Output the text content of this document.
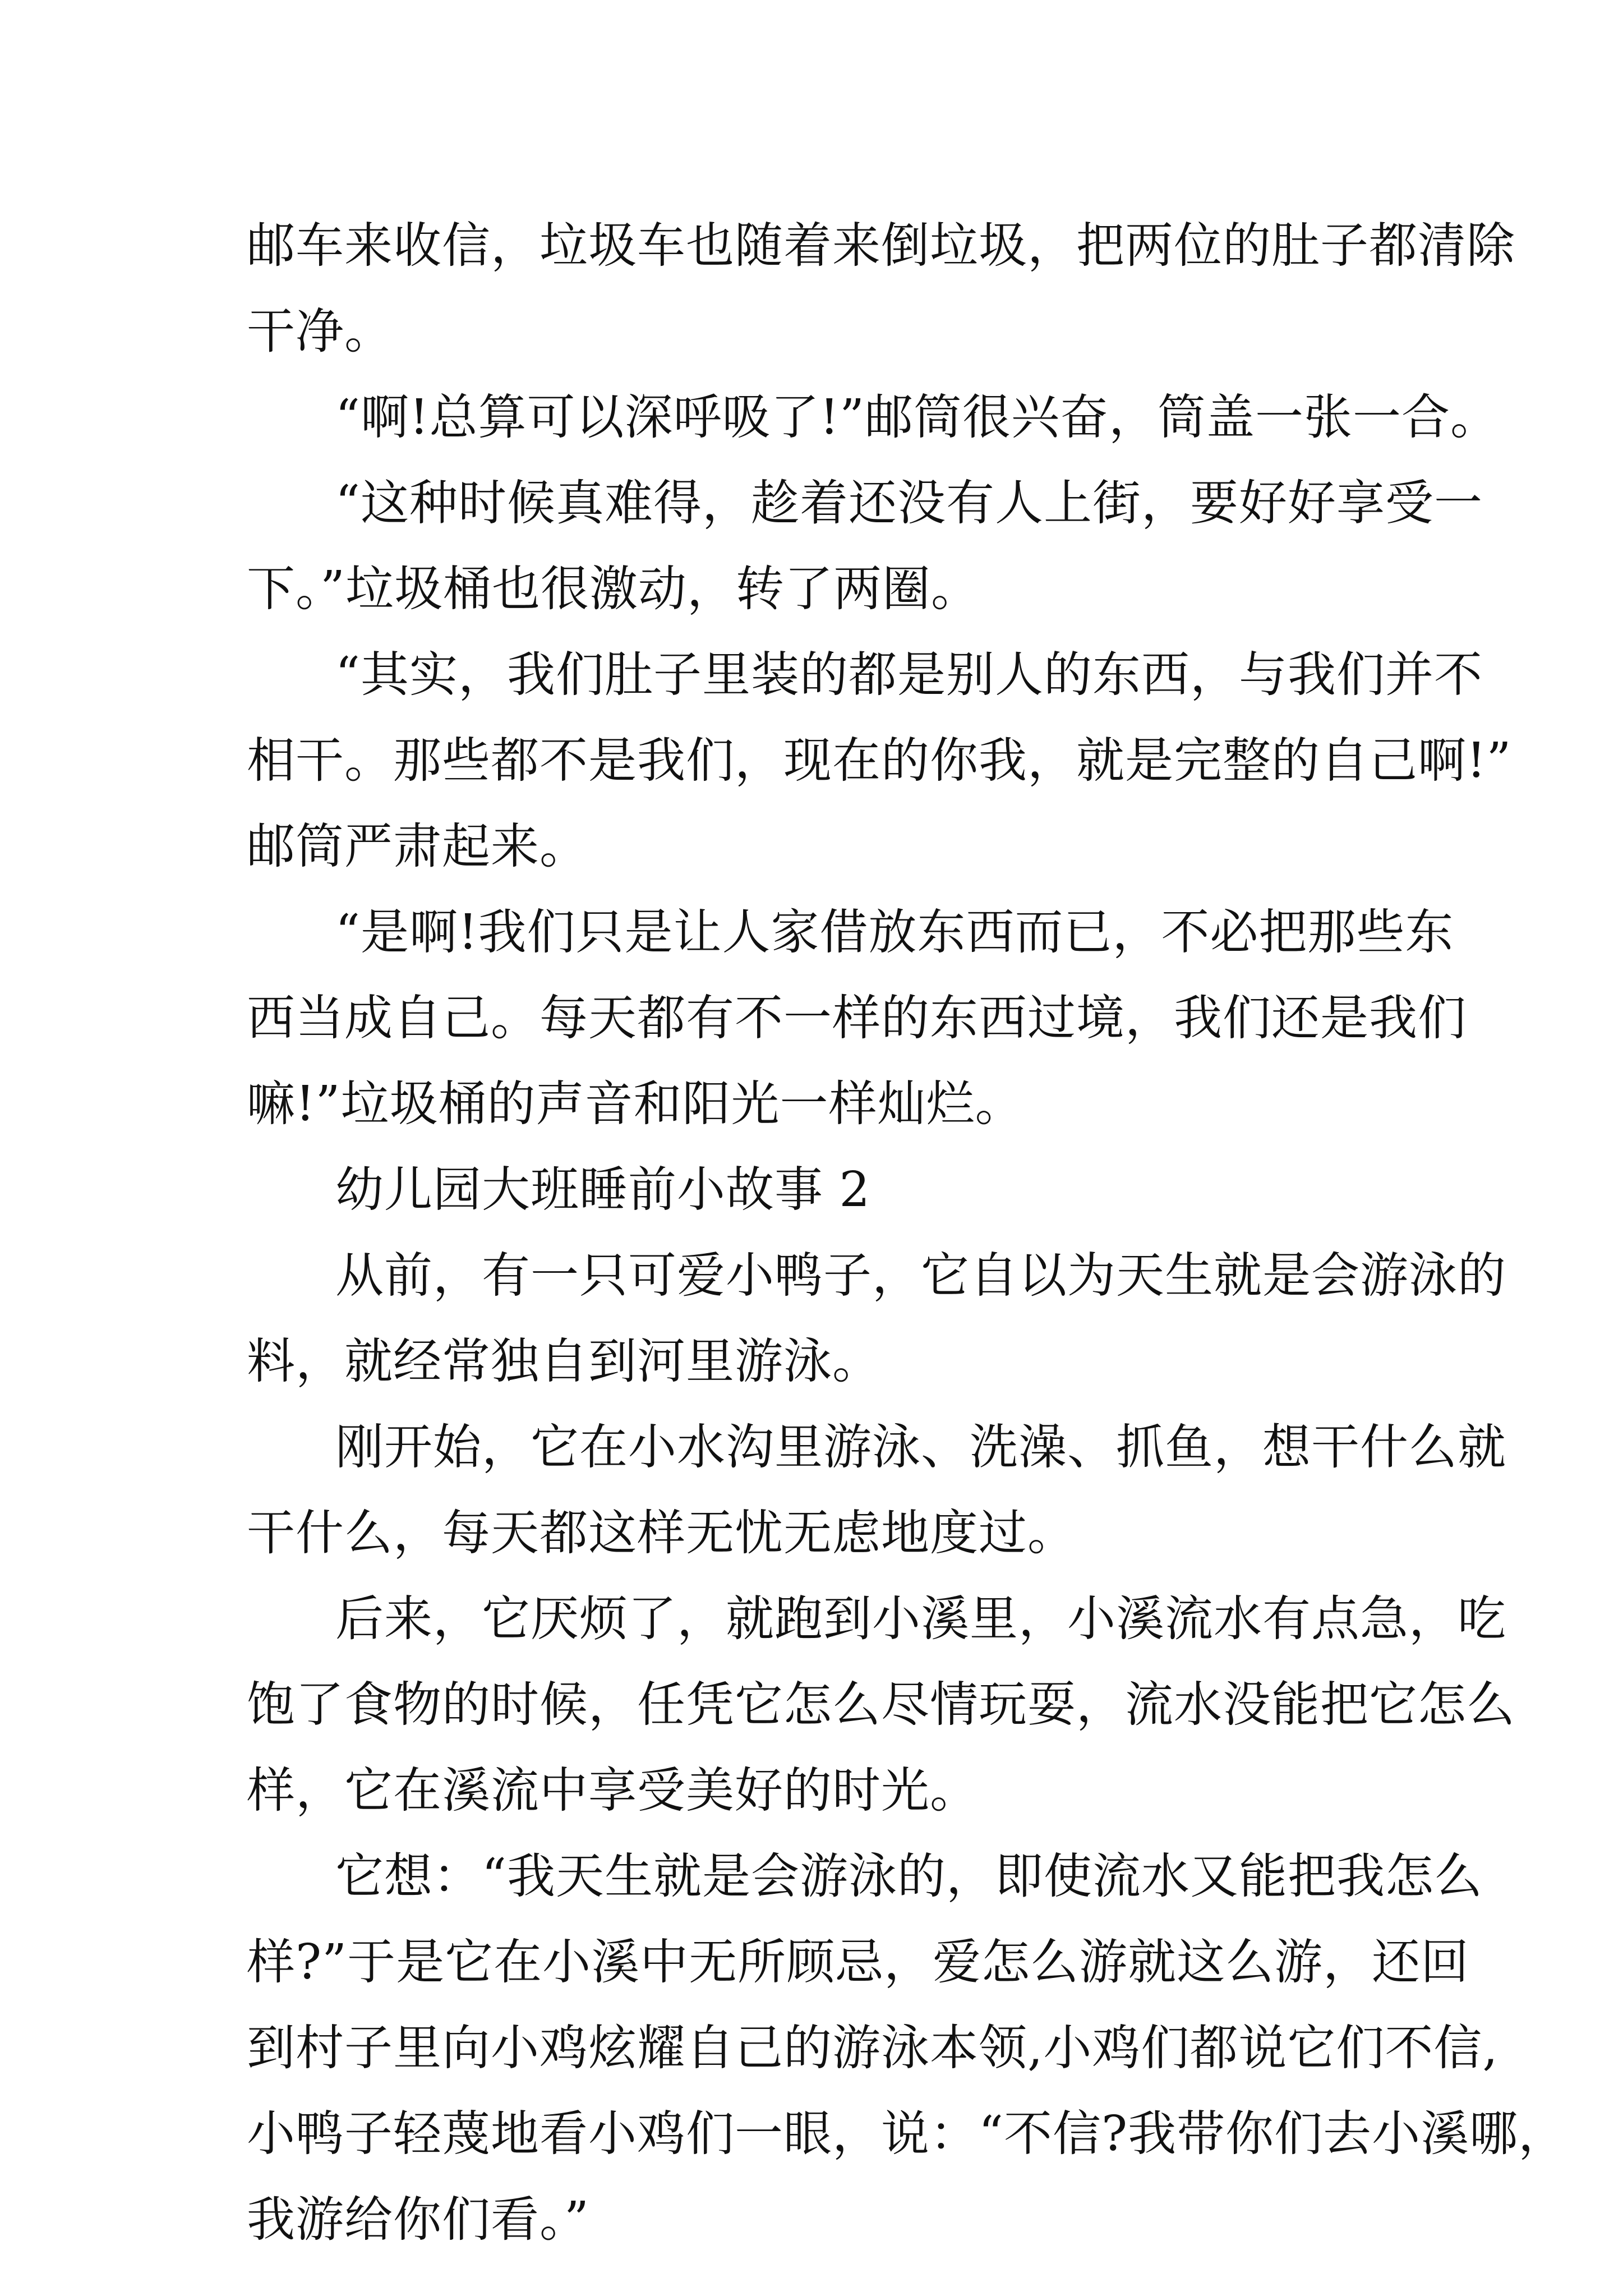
邮车来收信，垃圾车也随着来倒垃圾，把两位的肚子都清除
干净。
“啊!总算可以深呼吸了!”邮筒很兴奋，筒盖一张一合。
“这种时候真难得，趁着还没有人上街，要好好享受一
下。”垃圾桶也很激动，转了两圈。
“其实，我们肚子里装的都是别人的东西，与我们并不
相干。那些都不是我们，现在的你我，就是完整的自己啊!”
邮筒严肃起来。
“是啊!我们只是让人家借放东西而已，不必把那些东
西当成自己。每天都有不一样的东西过境，我们还是我们
嘛!”垃圾桶的声音和阳光一样灿烂。
幼儿园大班睡前小故事 2
从前，有一只可爱小鸭子，它自以为天生就是会游泳的
料，就经常独自到河里游泳。
刚开始，它在小水沟里游泳、洗澡、抓鱼，想干什么就
干什么，每天都这样无忧无虑地度过。
后来，它厌烦了，就跑到小溪里，小溪流水有点急，吃
饱了食物的时候，任凭它怎么尽情玩耍，流水没能把它怎么
样，它在溪流中享受美好的时光。
它想：“我天生就是会游泳的，即使流水又能把我怎么
样?”于是它在小溪中无所顾忌，爱怎么游就这么游，还回
到村子里向小鸡炫耀自己的游泳本领,小鸡们都说它们不信,
小鸭子轻蔑地看小鸡们一眼，说：“不信?我带你们去小溪哪，
我游给你们看。”
